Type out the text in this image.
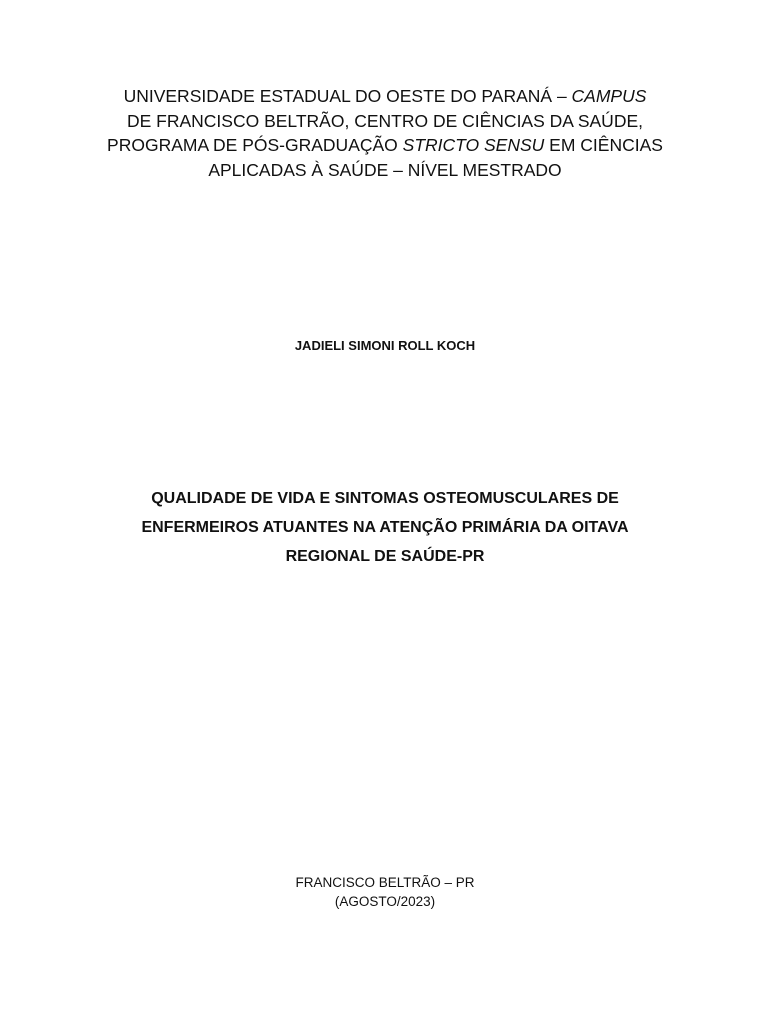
UNIVERSIDADE ESTADUAL DO OESTE DO PARANÁ – CAMPUS
DE FRANCISCO BELTRÃO, CENTRO DE CIÊNCIAS DA SAÚDE,
PROGRAMA DE PÓS-GRADUAÇÃO STRICTO SENSU EM CIÊNCIAS
APLICADAS À SAÚDE – NÍVEL MESTRADO
JADIELI SIMONI ROLL KOCH
QUALIDADE DE VIDA E SINTOMAS OSTEOMUSCULARES DE
ENFERMEIROS ATUANTES NA ATENÇÃO PRIMÁRIA DA OITAVA
REGIONAL DE SAÚDE-PR
FRANCISCO BELTRÃO – PR
(AGOSTO/2023)
